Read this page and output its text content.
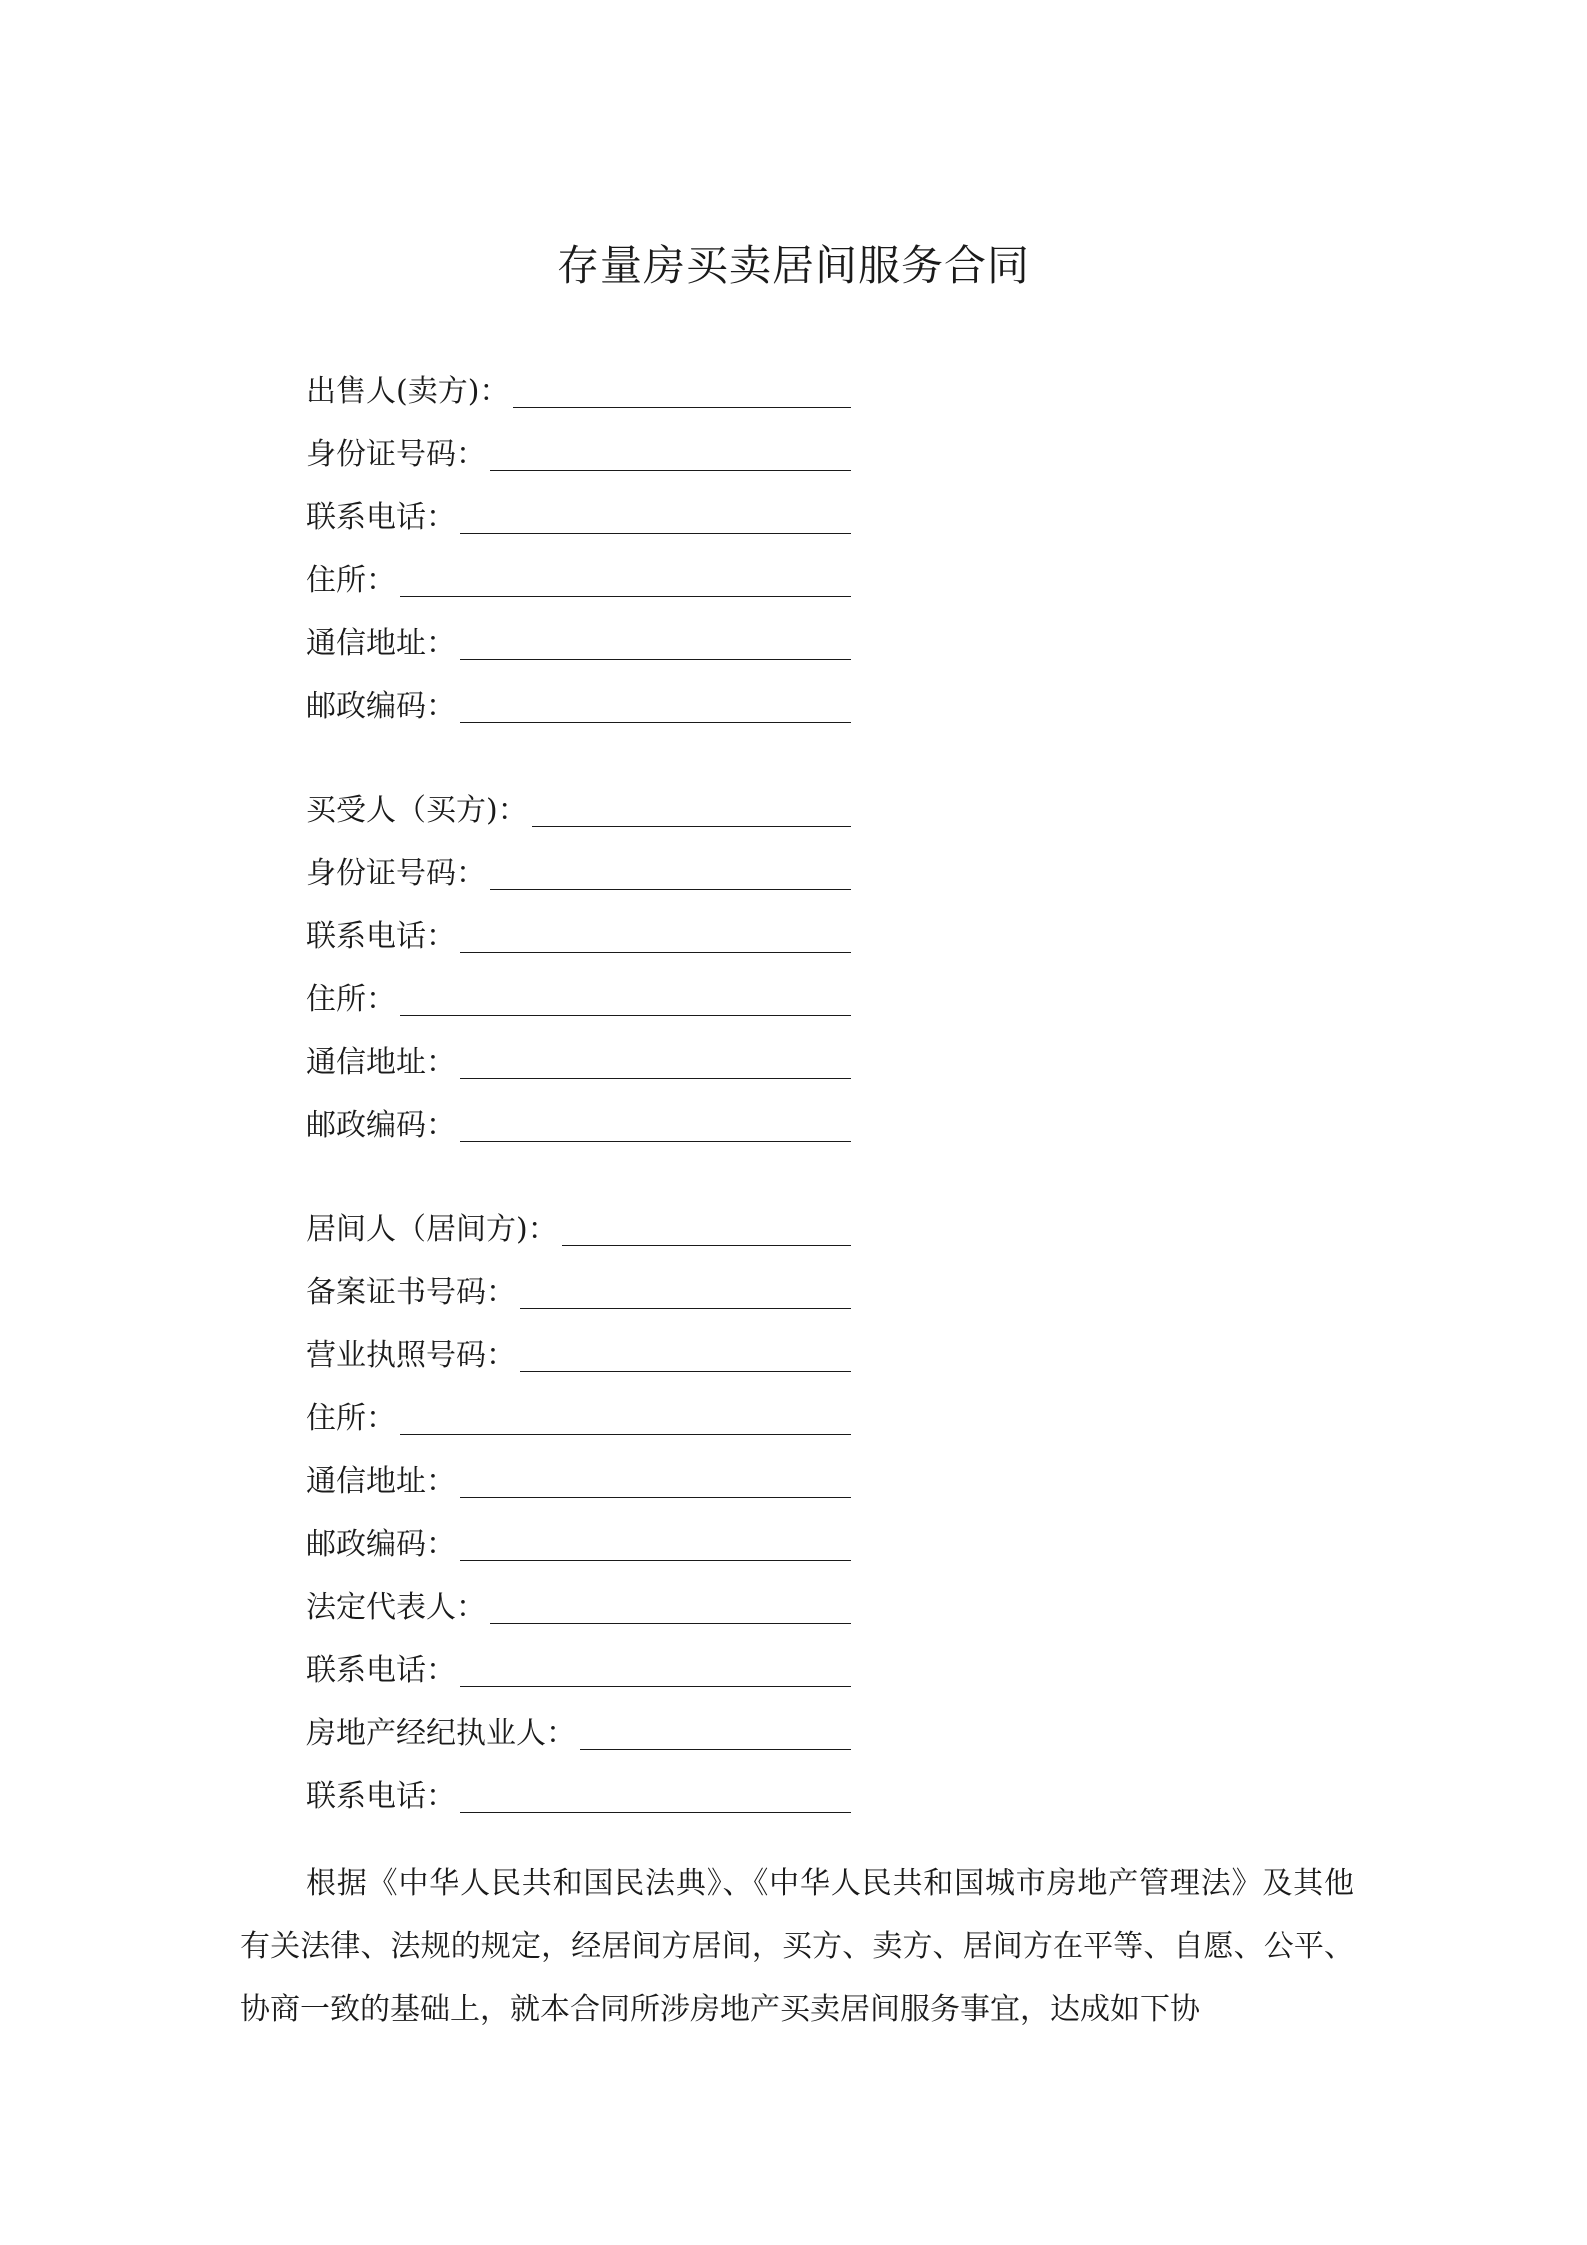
存量房买卖居间服务合同
出售人(卖方)：
身份证号码：
联系电话：
住所：
通信地址：
邮政编码：
买受人（买方)：
身份证号码：
联系电话：
住所：
通信地址：
邮政编码：
居间人（居间方)：
备案证书号码：
营业执照号码：
住所：
通信地址：
邮政编码：
法定代表人：
联系电话：
房地产经纪执业人：
联系电话：

根据《中华人民共和国民法典》、《中华人民共和国城市房地产管理法》及其他有关法律、法规的规定，经居间方居间，买方、卖方、居间方在平等、自愿、公平、协商一致的基础上，就本合同所涉房地产买卖居间服务事宜，达成如下协
